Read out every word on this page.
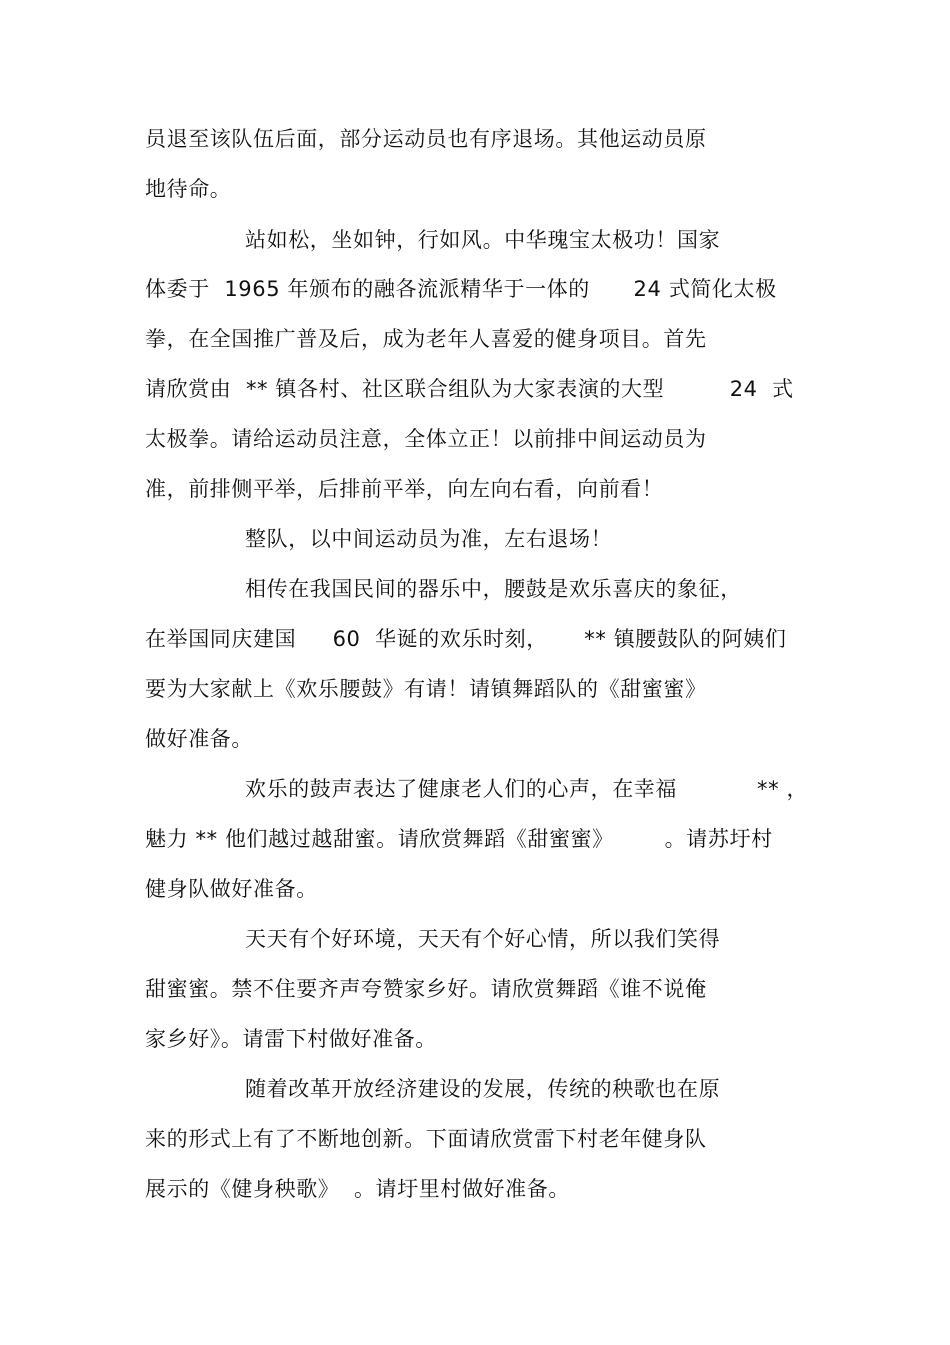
员退至该队伍后面，部分运动员也有序退场。其他运动员原
地待命。
站如松，坐如钟，行如风。中华瑰宝太极功！国家
体委于  1965 年颁布的融各流派精华于一体的      24 式简化太极
拳，在全国推广普及后，成为老年人喜爱的健身项目。首先
请欣赏由  ** 镇各村、社区联合组队为大家表演的大型         24  式
太极拳。请给运动员注意，全体立正！以前排中间运动员为
准，前排侧平举，后排前平举，向左向右看，向前看！
整队，以中间运动员为准，左右退场！
相传在我国民间的器乐中，腰鼓是欢乐喜庆的象征，
在举国同庆建国     60  华诞的欢乐时刻，     ** 镇腰鼓队的阿姨们
要为大家献上《欢乐腰鼓》有请！请镇舞蹈队的《甜蜜蜜》
做好准备。
欢乐的鼓声表达了健康老人们的心声，在幸福           ** ，
魅力 ** 他们越过越甜蜜。请欣赏舞蹈《甜蜜蜜》       。请苏圩村
健身队做好准备。
天天有个好环境，天天有个好心情，所以我们笑得
甜蜜蜜。禁不住要齐声夸赞家乡好。请欣赏舞蹈《谁不说俺
家乡好》。请雷下村做好准备。
随着改革开放经济建设的发展，传统的秧歌也在原
来的形式上有了不断地创新。下面请欣赏雷下村老年健身队
展示的《健身秧歌》  。请圩里村做好准备。
